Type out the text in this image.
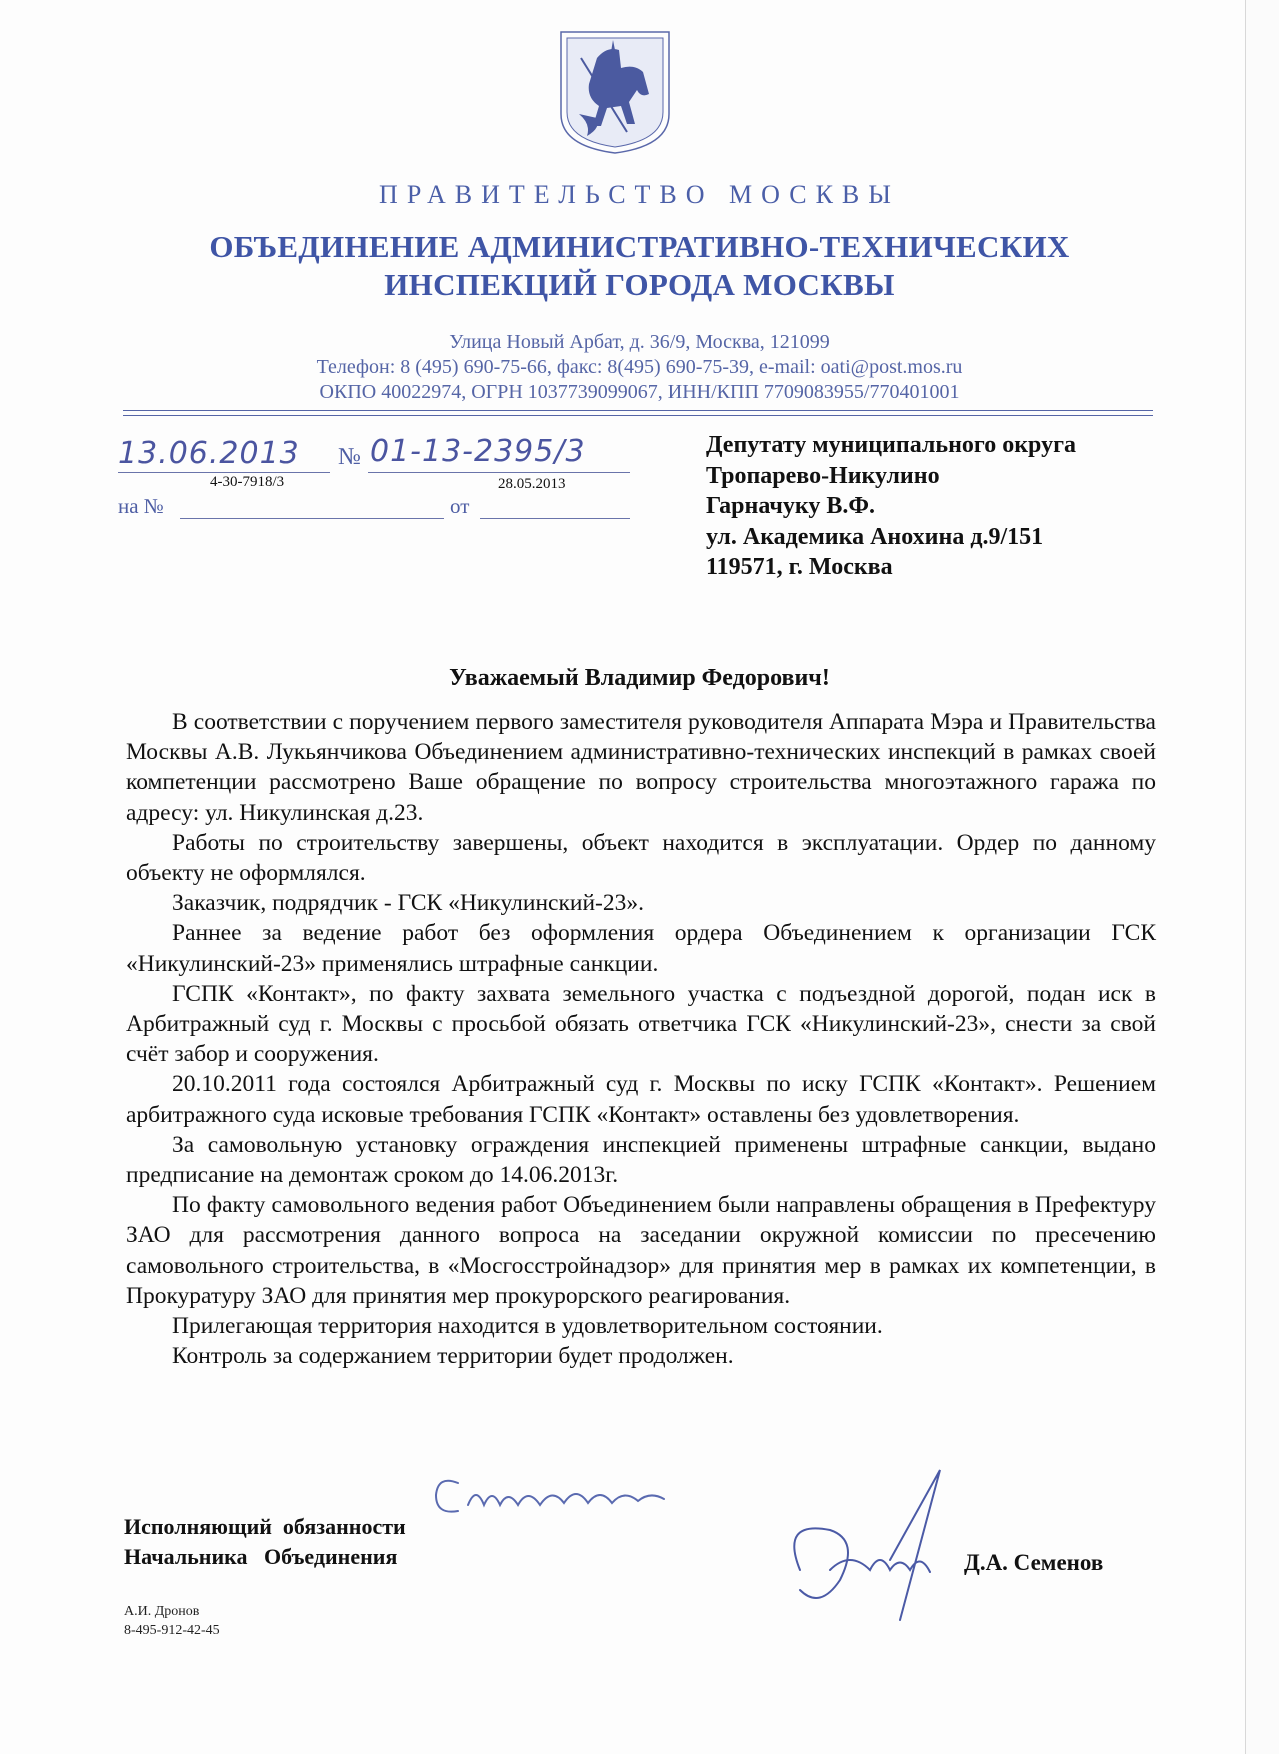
ПРАВИТЕЛЬСТВО МОСКВЫ
ОБЪЕДИНЕНИЕ АДМИНИСТРАТИВНО-ТЕХНИЧЕСКИХ
ИНСПЕКЦИЙ ГОРОДА МОСКВЫ
Улица Новый Арбат, д. 36/9, Москва, 121099
Телефон: 8 (495) 690-75-66, факс: 8(495) 690-75-39, e-mail: oati@post.mos.ru
ОКПО 40022974, ОГРН 1037739099067, ИНН/КПП 7709083955/770401001
13.06.2013 № 01-13-2395/3
4-30-7918/3	28.05.2013
на №	от
Депутату муниципального округа
Тропарево-Никулино
Гарначуку В.Ф.
ул. Академика Анохина д.9/151
119571, г. Москва
Уважаемый Владимир Федорович!

В соответствии с поручением первого заместителя руководителя Аппарата Мэра и Правительства Москвы А.В. Лукьянчикова Объединением административно-технических инспекций в рамках своей компетенции рассмотрено Ваше обращение по вопросу строительства многоэтажного гаража по адресу: ул. Никулинская д.23.

Работы по строительству завершены, объект находится в эксплуатации. Ордер по данному объекту не оформлялся.

Заказчик, подрядчик - ГСК «Никулинский-23».

Раннее за ведение работ без оформления ордера Объединением к организации ГСК «Никулинский-23» применялись штрафные санкции.

ГСПК «Контакт», по факту захвата земельного участка с подъездной дорогой, подан иск в Арбитражный суд г. Москвы с просьбой обязать ответчика ГСК «Никулинский-23», снести за свой счёт забор и сооружения.

20.10.2011 года состоялся Арбитражный суд г. Москвы по иску ГСПК «Контакт». Решением арбитражного суда исковые требования ГСПК «Контакт» оставлены без удовлетворения.

За самовольную установку ограждения инспекцией применены штрафные санкции, выдано предписание на демонтаж сроком до 14.06.2013г.

По факту самовольного ведения работ Объединением были направлены обращения в Префектуру ЗАО для рассмотрения данного вопроса на заседании окружной комиссии по пресечению самовольного строительства, в «Мосгосстройнадзор» для принятия мер в рамках их компетенции, в Прокуратуру ЗАО для принятия мер прокурорского реагирования.

Прилегающая территория находится в удовлетворительном состоянии.

Контроль за содержанием территории будет продолжен.

Исполняющий  обязанности
Начальника   Объединения	Д.А. Семенов
А.И. Дронов
8-495-912-42-45
